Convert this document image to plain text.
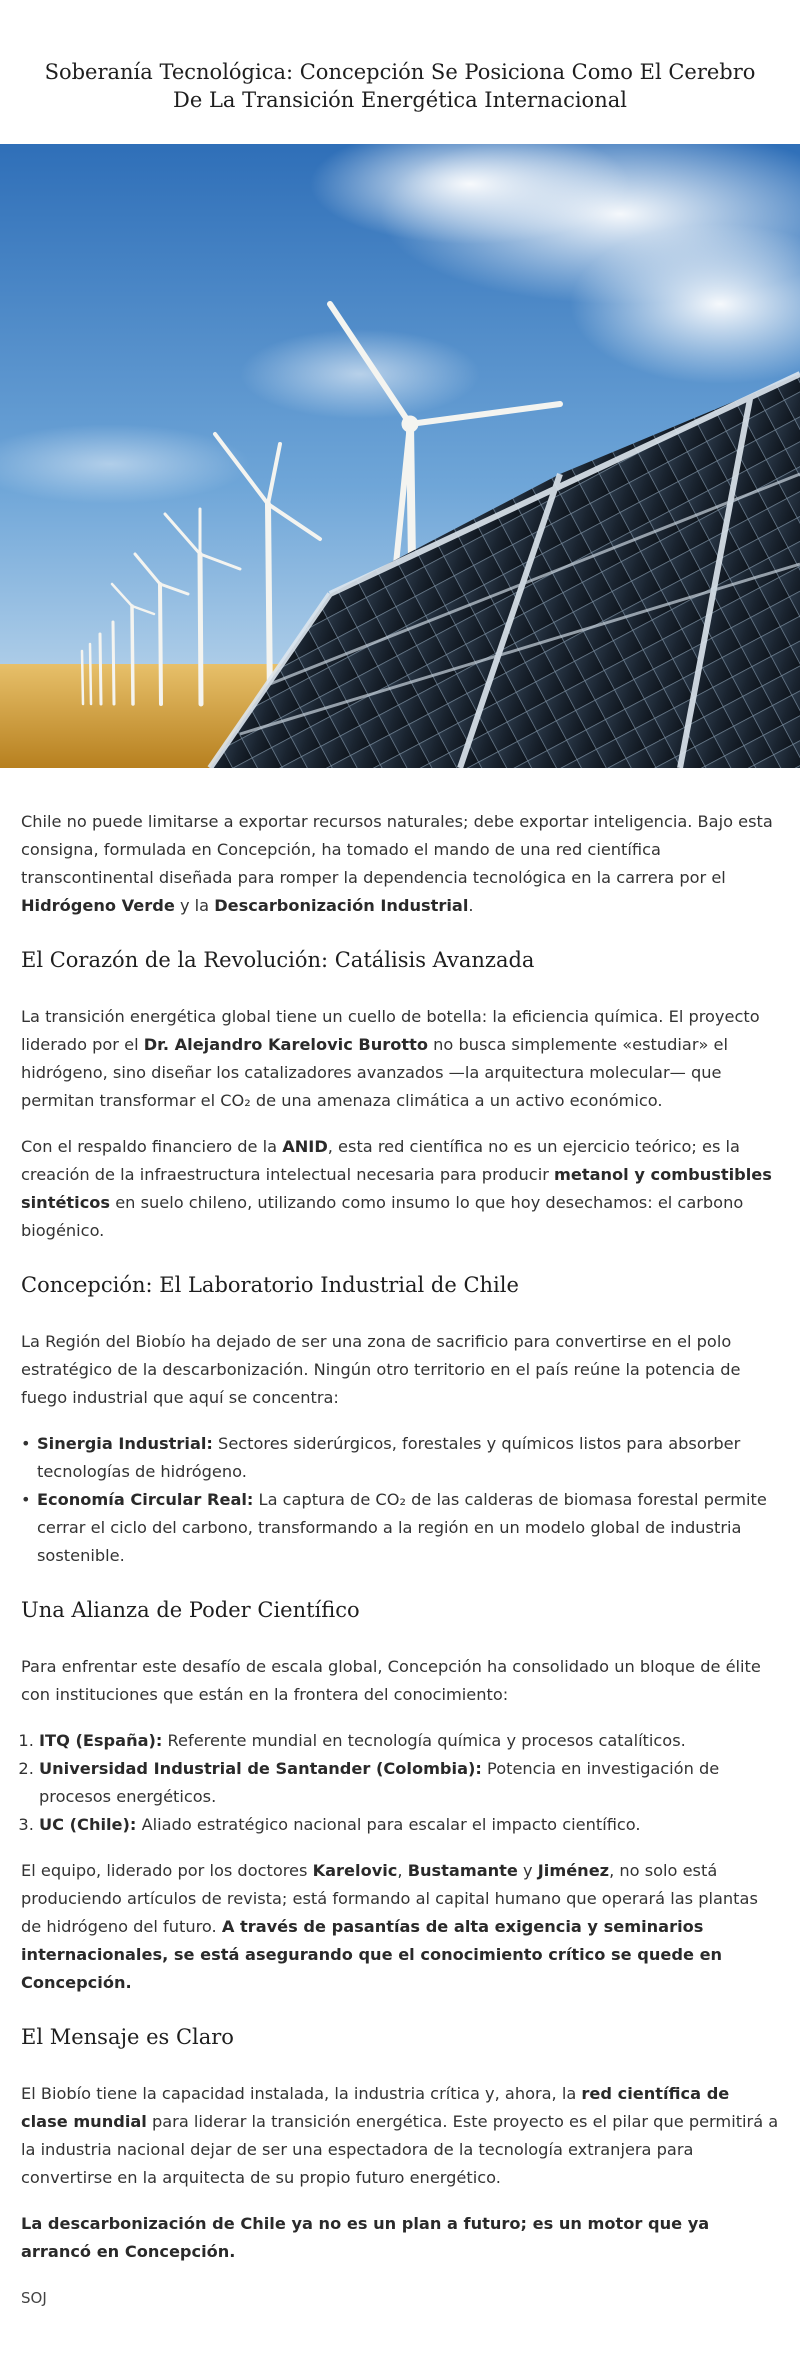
Soberanía Tecnológica: Concepción Se Posiciona Como El Cerebro De La Transición Energética Internacional

Chile no puede limitarse a exportar recursos naturales; debe exportar inteligencia. Bajo esta consigna, formulada en Concepción, ha tomado el mando de una red científica transcontinental diseñada para romper la dependencia tecnológica en la carrera por el Hidrógeno Verde y la Descarbonización Industrial.

El Corazón de la Revolución: Catálisis Avanzada

La transición energética global tiene un cuello de botella: la eficiencia química. El proyecto liderado por el Dr. Alejandro Karelovic Burotto no busca simplemente «estudiar» el hidrógeno, sino diseñar los catalizadores avanzados —la arquitectura molecular— que permitan transformar el CO₂ de una amenaza climática a un activo económico.

Con el respaldo financiero de la ANID, esta red científica no es un ejercicio teórico; es la creación de la infraestructura intelectual necesaria para producir metanol y combustibles sintéticos en suelo chileno, utilizando como insumo lo que hoy desechamos: el carbono biogénico.

Concepción: El Laboratorio Industrial de Chile

La Región del Biobío ha dejado de ser una zona de sacrificio para convertirse en el polo estratégico de la descarbonización. Ningún otro territorio en el país reúne la potencia de fuego industrial que aquí se concentra:

• Sinergia Industrial: Sectores siderúrgicos, forestales y químicos listos para absorber tecnologías de hidrógeno.
• Economía Circular Real: La captura de CO₂ de las calderas de biomasa forestal permite cerrar el ciclo del carbono, transformando a la región en un modelo global de industria sostenible.
Una Alianza de Poder Científico

Para enfrentar este desafío de escala global, Concepción ha consolidado un bloque de élite con instituciones que están en la frontera del conocimiento:

1. ITQ (España): Referente mundial en tecnología química y procesos catalíticos.
2. Universidad Industrial de Santander (Colombia): Potencia en investigación de procesos energéticos.
3. UC (Chile): Aliado estratégico nacional para escalar el impacto científico.

El equipo, liderado por los doctores Karelovic, Bustamante y Jiménez, no solo está produciendo artículos de revista; está formando al capital humano que operará las plantas de hidrógeno del futuro. A través de pasantías de alta exigencia y seminarios internacionales, se está asegurando que el conocimiento crítico se quede en Concepción.

El Mensaje es Claro

El Biobío tiene la capacidad instalada, la industria crítica y, ahora, la red científica de clase mundial para liderar la transición energética. Este proyecto es el pilar que permitirá a la industria nacional dejar de ser una espectadora de la tecnología extranjera para convertirse en la arquitecta de su propio futuro energético.

La descarbonización de Chile ya no es un plan a futuro; es un motor que ya arrancó en Concepción.

SOJ
